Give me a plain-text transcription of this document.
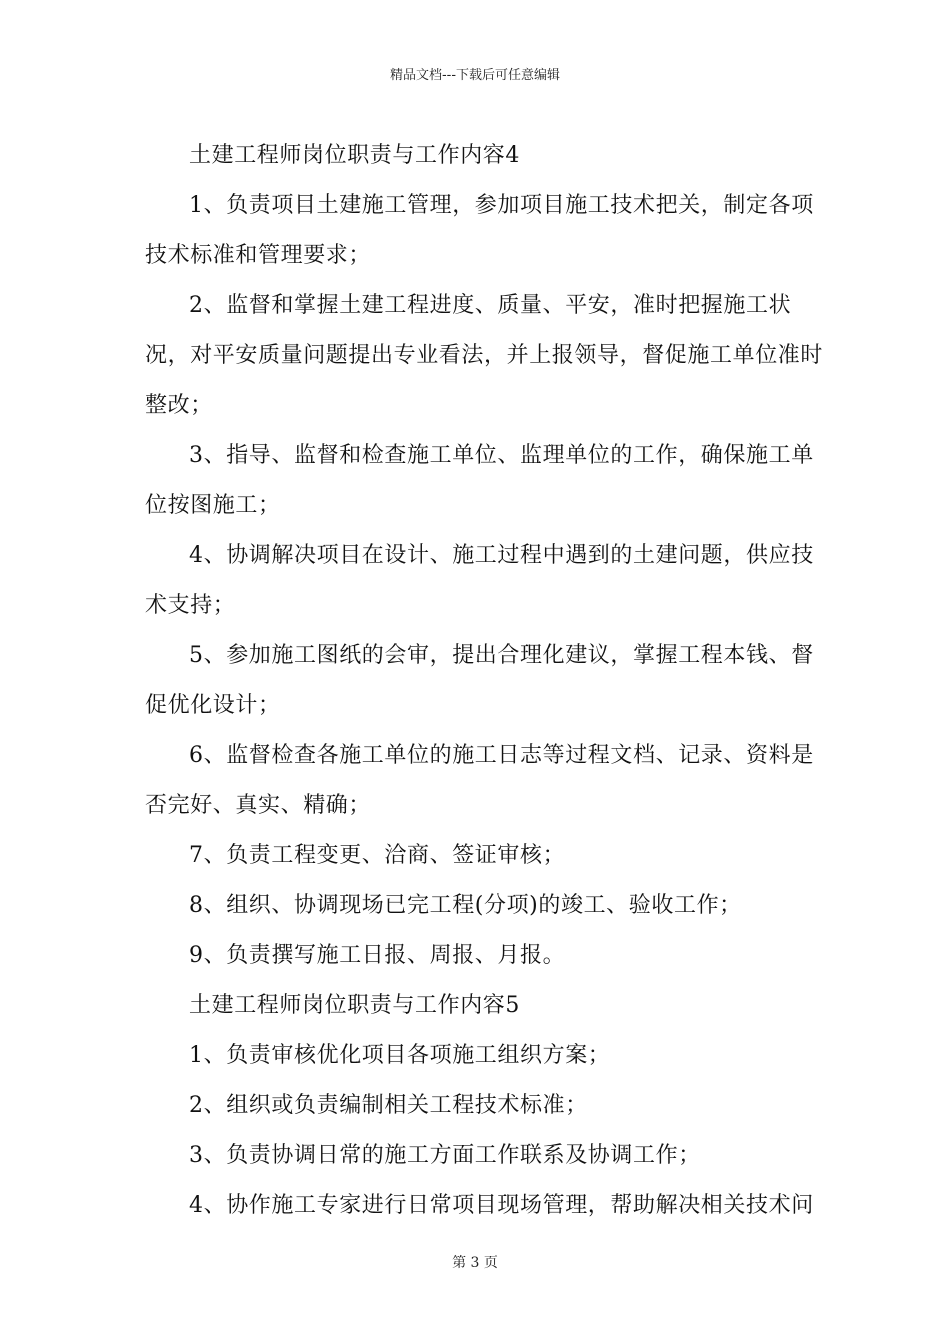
精品文档---下载后可任意编辑

土建工程师岗位职责与工作内容4

1、负责项目土建施工管理，参加项目施工技术把关，制定各项技术标准和管理要求；

2、监督和掌握土建工程进度、质量、平安，准时把握施工状况，对平安质量问题提出专业看法，并上报领导，督促施工单位准时整改；

3、指导、监督和检查施工单位、监理单位的工作，确保施工单位按图施工；

4、协调解决项目在设计、施工过程中遇到的土建问题，供应技术支持；

5、参加施工图纸的会审，提出合理化建议，掌握工程本钱、督促优化设计；

6、监督检查各施工单位的施工日志等过程文档、记录、资料是否完好、真实、精确；

7、负责工程变更、洽商、签证审核；

8、组织、协调现场已完工程(分项)的竣工、验收工作；

9、负责撰写施工日报、周报、月报。

土建工程师岗位职责与工作内容5

1、负责审核优化项目各项施工组织方案；

2、组织或负责编制相关工程技术标准；

3、负责协调日常的施工方面工作联系及协调工作；

4、协作施工专家进行日常项目现场管理，帮助解决相关技术问

第 3 页
